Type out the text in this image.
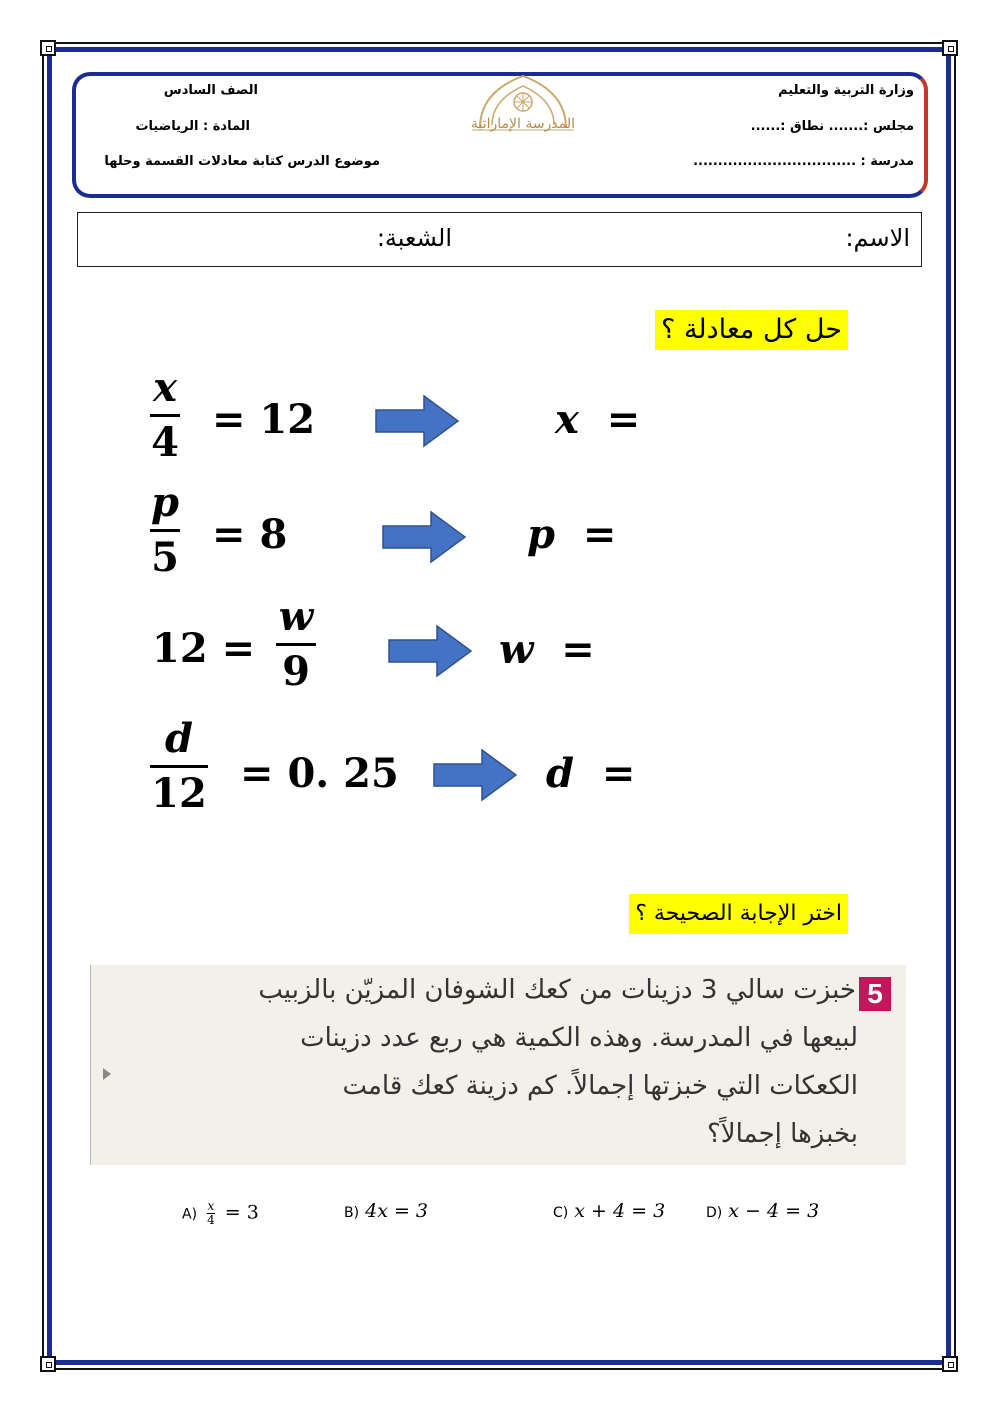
وزارة التربية والتعليم
مجلس :....... نطاق :......
مدرسة : .................................
الصف السادس
المادة : الرياضيات
موضوع الدرس كتابة معادلات القسمة وحلها
المدرسة الإماراتية
الاسم:
الشعبة:
حل كل معادلة ؟
x
4 = 12	x =
p
5 = 8	p =
12 =
w
9	w =
d
12 = 0. 25	d =
اختر الإجابة الصحيحة ؟
5
خبزت سالي 3 دزينات من كعك الشوفان المزيّن بالزبيب
لبيعها في المدرسة. وهذه الكمية هي ربع عدد دزينات
الكعكات التي خبزتها إجمالاً. كم دزينة كعك قامت
بخبزها إجمالاً؟
$A) \frac{x}{4} = 3$	B) 4x = 3	C) x + 4 = 3	D) x − 4 = 3
